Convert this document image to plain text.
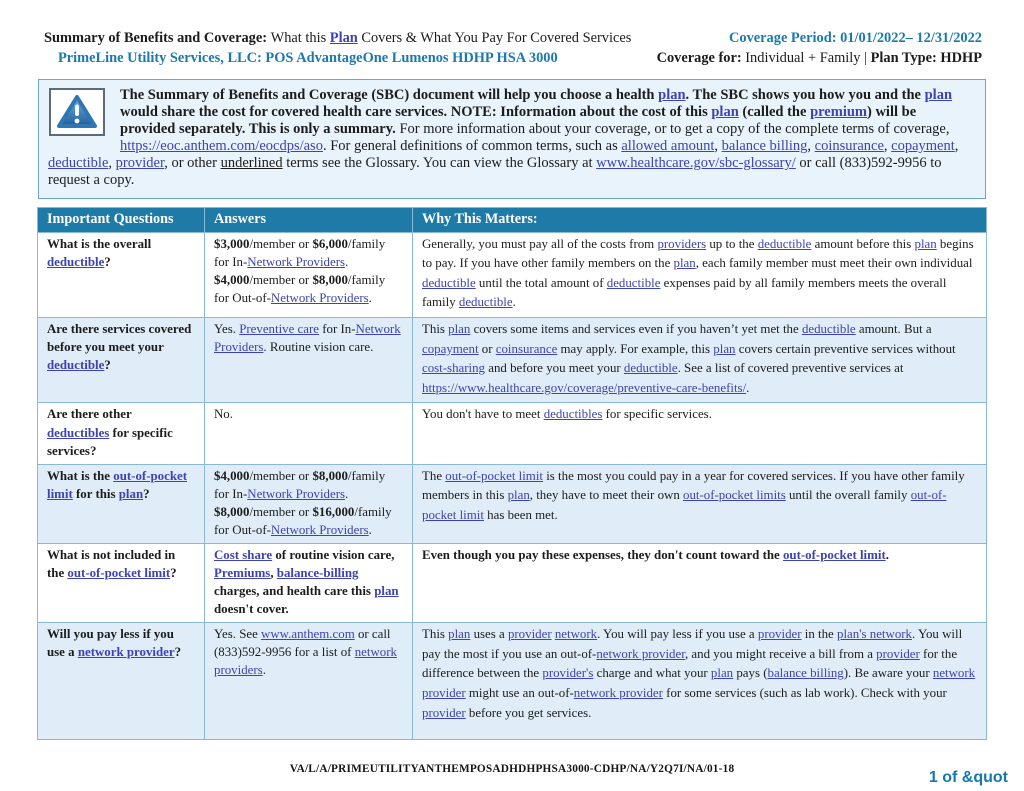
Summary of Benefits and Coverage: What this Plan Covers & What You Pay For Covered Services	Coverage Period: 01/01/2022– 12/31/2022
PrimeLine Utility Services, LLC: POS AdvantageOne Lumenos HDHP HSA 3000	Coverage for: Individual + Family | Plan Type: HDHP
The Summary of Benefits and Coverage (SBC) document will help you choose a health plan. The SBC shows you how you and the plan would share the cost for covered health care services. NOTE: Information about the cost of this plan (called the premium) will be provided separately. This is only a summary. For more information about your coverage, or to get a copy of the complete terms of coverage, https://eoc.anthem.com/eocdps/aso. For general definitions of common terms, such as allowed amount, balance billing, coinsurance, copayment, deductible, provider, or other underlined terms see the Glossary. You can view the Glossary at www.healthcare.gov/sbc-glossary/ or call (833)592-9956 to request a copy.
Important Questions	Answers	Why This Matters:
What is the overall deductible?	$3,000/member or $6,000/family for In-Network Providers. $4,000/member or $8,000/family for Out-of-Network Providers.	Generally, you must pay all of the costs from providers up to the deductible amount before this plan begins to pay. If you have other family members on the plan, each family member must meet their own individual deductible until the total amount of deductible expenses paid by all family members meets the overall family deductible.
Are there services covered before you meet your deductible?	Yes. Preventive care for In-Network Providers. Routine vision care.	This plan covers some items and services even if you haven’t yet met the deductible amount. But a copayment or coinsurance may apply. For example, this plan covers certain preventive services without cost-sharing and before you meet your deductible. See a list of covered preventive services at https://www.healthcare.gov/coverage/preventive-care-benefits/.
Are there other deductibles for specific services?	No.	You don't have to meet deductibles for specific services.
What is the out-of-pocket limit for this plan?	$4,000/member or $8,000/family for In-Network Providers. $8,000/member or $16,000/family for Out-of-Network Providers.	The out-of-pocket limit is the most you could pay in a year for covered services. If you have other family members in this plan, they have to meet their own out-of-pocket limits until the overall family out-of-pocket limit has been met.
What is not included in the out-of-pocket limit?	Cost share of routine vision care, Premiums, balance-billing charges, and health care this plan doesn't cover.	Even though you pay these expenses, they don't count toward the out-of-pocket limit.
Will you pay less if you use a network provider?	Yes. See www.anthem.com or call (833)592-9956 for a list of network providers.	This plan uses a provider network. You will pay less if you use a provider in the plan's network. You will pay the most if you use an out-of-network provider, and you might receive a bill from a provider for the difference between the provider's charge and what your plan pays (balance billing). Be aware your network provider might use an out-of-network provider for some services (such as lab work). Check with your provider before you get services.
VA/L/A/PRIMEUTILITYANTHEMPOSADHDHPHSA3000-CDHP/NA/Y2Q7I/NA/01-18	1 of &quot
